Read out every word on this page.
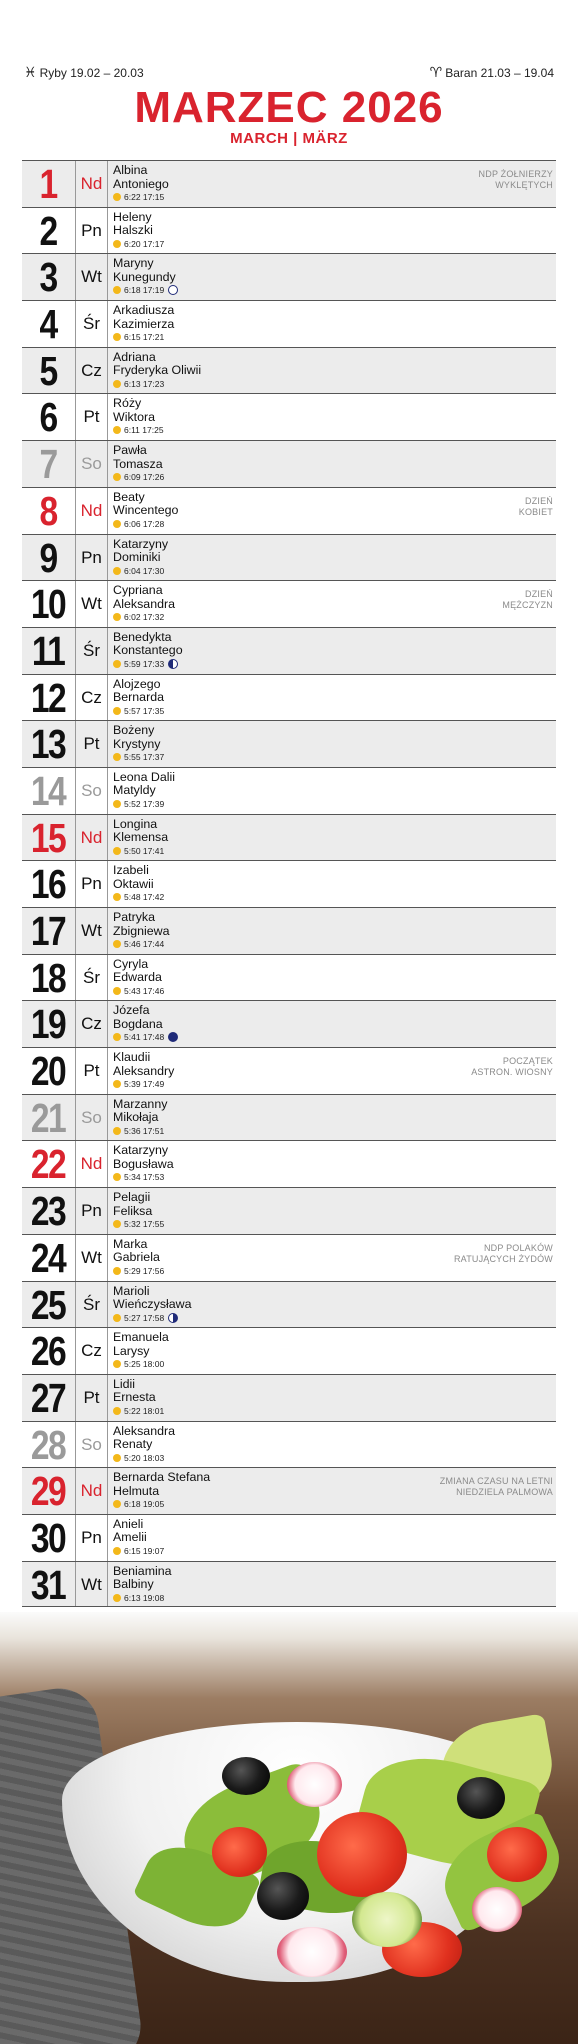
♓ Ryby 19.02 – 20.03	♈ Baran 21.03 – 19.04
MARZEC 2026
MARCH | MÄRZ
1	Nd
Albina
Antoniego
6:22 17:15
NDP ŻOŁNIERZY
WYKLĘTYCH
2	Pn
Heleny
Halszki
6:20 17:17
3	Wt
Maryny
Kunegundy
6:18 17:19
4	Śr
Arkadiusza
Kazimierza
6:15 17:21
5	Cz
Adriana
Fryderyka Oliwii
6:13 17:23
6	Pt
Róży
Wiktora
6:11 17:25
7	So
Pawła
Tomasza
6:09 17:26
8	Nd
Beaty
Wincentego
6:06 17:28
DZIEŃ
KOBIET
9	Pn
Katarzyny
Dominiki
6:04 17:30
10 Wt
Cypriana
Aleksandra
6:02 17:32
DZIEŃ
MĘŻCZYZN
11	Śr
Benedykta
Konstantego
5:59 17:33
12 Cz
Alojzego
Bernarda
5:57 17:35
13	Pt
Bożeny
Krystyny
5:55 17:37
14 So
Leona Dalii
Matyldy
5:52 17:39
15 Nd
Longina
Klemensa
5:50 17:41
16 Pn
Izabeli
Oktawii
5:48 17:42
17 Wt
Patryka
Zbigniewa
5:46 17:44
18	Śr
Cyryla
Edwarda
5:43 17:46
19 Cz
Józefa
Bogdana
5:41 17:48
20	Pt
Klaudii
Aleksandry
5:39 17:49
POCZĄTEK
ASTRON. WIOSNY
21 So
Marzanny
Mikołaja
5:36 17:51
22 Nd
Katarzyny
Bogusława
5:34 17:53
23 Pn
Pelagii
Feliksa
5:32 17:55
24 Wt
Marka
Gabriela
5:29 17:56
NDP POLAKÓW
RATUJĄCYCH ŻYDÓW
25	Śr
Marioli
Wieńczysława
5:27 17:58
26 Cz
Emanuela
Larysy
5:25 18:00
27	Pt
Lidii
Ernesta
5:22 18:01
28 So
Aleksandra
Renaty
5:20 18:03
29 Nd
Bernarda Stefana
Helmuta
6:18 19:05
ZMIANA CZASU NA LETNI
NIEDZIELA PALMOWA
30 Pn
Anieli
Amelii
6:15 19:07
31 Wt
Beniamina
Balbiny
6:13 19:08
